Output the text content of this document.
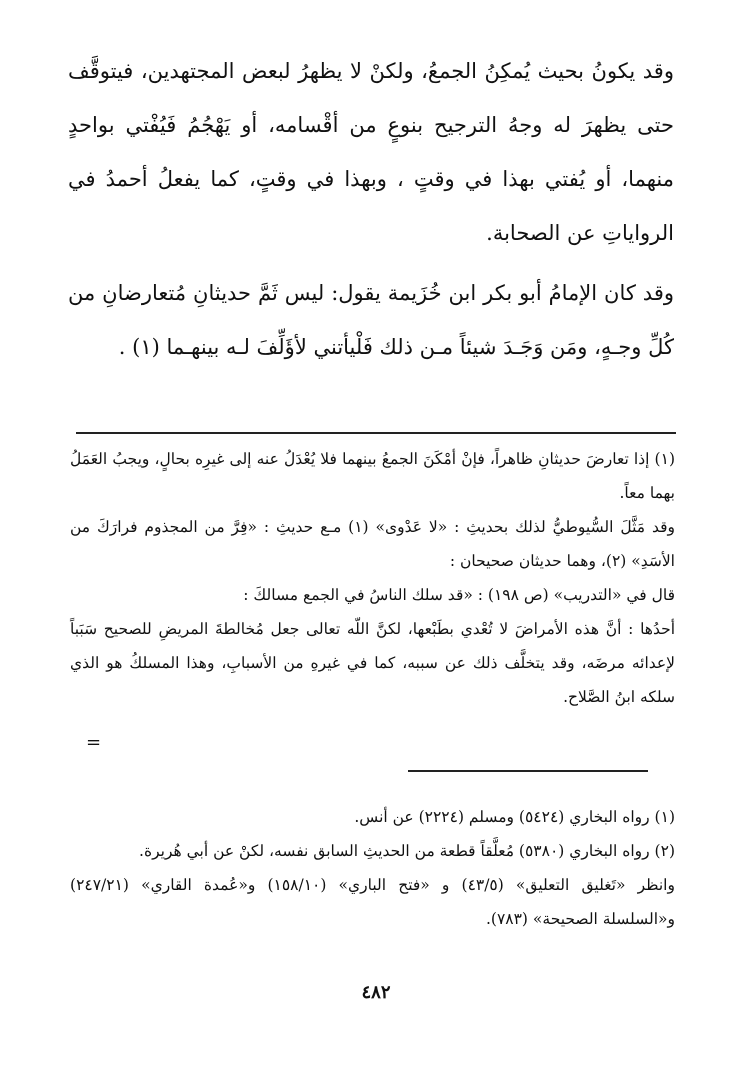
وقد يكونُ بحيث يُمكِنُ الجمعُ، ولكنْ لا يظهرُ لبعض المجتهدين، فيتوقَّف حتى يظهرَ له وجهُ الترجيح بنوعٍ من أقْسامه، أو يَهْجُمُ فَيُفْتي بواحدٍ منهما، أو يُفتي بهذا في وقتٍ ، وبهذا في وقتٍ، كما يفعلُ أحمدُ في الرواياتِ عن الصحابة.

وقد كان الإمامُ أبو بكر ابن خُزَيمة يقول: ليس ثَمَّ حديثانِ مُتعارضانِ من كُلِّ وجـهٍ، ومَن وَجَـدَ شيئاً مـن ذلك فَلْيأتني لأؤَلِّفَ لـه بينهـما (١) .

(١) إذا تعارضَ حديثانِ ظاهراً، فإنْ أمْكَنَ الجمعُ بينهما فلا يُعْدَلُ عنه إلى غيرِه بحالٍ، ويجبُ العَمَلُ بهما معاً.

وقد مَثَّلَ السُّيوطيُّ لذلك بحديثِ : «لا عَدْوى» (١) مـع حديثِ : «فِرَّ من المجذوم فرارَكَ من الأسَدِ» (٢)، وهما حديثان صحيحان :

قال في «التدريب» (ص ١٩٨) : «قد سلك الناسُ في الجمع مسالكَ :

أحدُها : أنَّ هذه الأمراضَ لا تُعْدي بطَبْعها، لكنَّ اللّه تعالى جعل مُخالطةَ المريضِ للصحيح سَبَباً لإعدائه مرضَه، وقد يتخلَّف ذلك عن سببه، كما في غيرهِ من الأسبابِ، وهذا المسلكُ هو الذي سلكه ابنُ الصَّلاح.

=

(١) رواه البخاري (٥٤٢٤) ومسلم (٢٢٢٤) عن أنس.

(٢) رواه البخاري (٥٣٨٠) مُعلَّقاً قطعة من الحديثِ السابق نفسه، لكنْ عن أبي هُريرة.

وانظر «تَغليق التعليق» (٤٣/٥) و «فتح الباري» (١٥٨/١٠) و«عُمدة القاري» (٢٤٧/٢١) و«السلسلة الصحيحة» (٧٨٣).

٤٨٢
